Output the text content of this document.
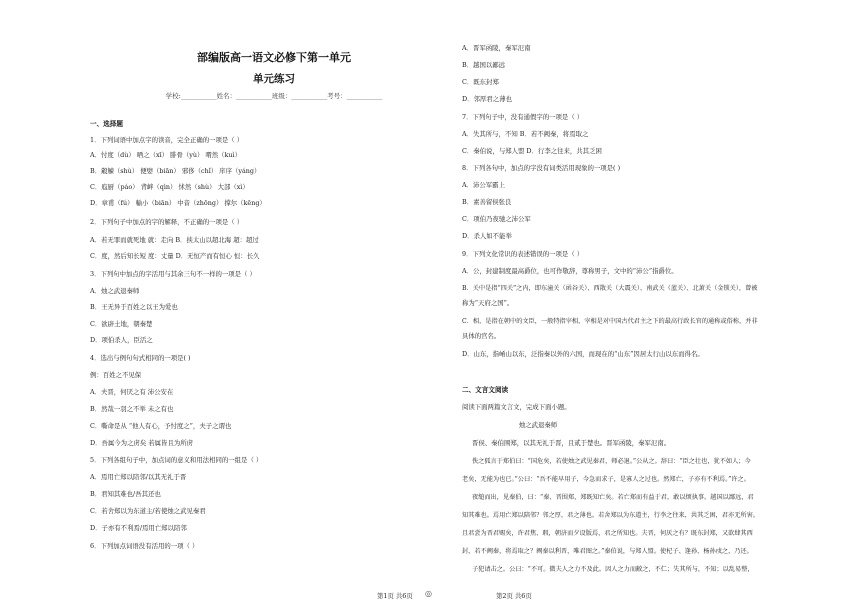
部编版高一语文必修下第一单元
单元练习
学校:___________姓名：___________班级：___________考号：___________
一、选择题
1．下列词语中加点字的读音，完全正确的一项是（ ）
A．忖度（dù） 哂之（xī） 腓骨（yù） 喟然（kuì）
B．觳觫（shù） 便嬖（biān） 邪侈（chǐ） 庠序（yáng）
C．庖厨（páo） 背衅（qìn） 怵然（shù） 大部（xì）
D．章甫（fú） 輸小（biān） 中音（zhōng） 撑尔（kēng）
2．下列句子中加点的字的解释，不正确的一项是（ ）
A．若无罪而就死地 就：走向 B．挟太山以超北海 超：超过
C．度，然后知长短 度：丈量 D．无恒产而有恒心 恒：长久
3．下列句中加点的字活用与其余三句不一样的一项是（ ）
A．烛之武退秦师
B．王无异于百姓之以王为爱也
C．欲辟土地，朝秦楚
D．项伯杀人，臣活之
4．选出与例句句式相同的一项是( )
例：百姓之不见保
A．夫晋，何厌之有 沛公安在
B．然哉一羽之不举 未之有也
C．嘶命是从 “他人有心，予忖度之”，夫子之谓也
D．吾属今为之虏矣 若属皆且为所虏
5．下列各组句子中，加点词的意义和用法相同的一组是（ ）
A．焉用亡郑以陪邻/以其无礼于晋
B．君知其难也/吾其还也
C．若舍郑以为东道主/若使烛之武见秦君
D．子亦有不利焉/焉用亡郑以陪邻
6．下列加点词语没有活用的一项（ ）
A．晋军函陵，秦军氾南
B．越国以鄙远
C．既东封郑
D．邻厚君之薄也
7．下列句子中，没有通假字的一项是（ ）
A．失其所与，不知 B．若不阙秦，将焉取之
C．秦伯说，与郑人盟 D．行李之往来，共其乏困
8．下列各句中，加点的字没有词类活用现象的一项是( )
A．沛公军霸上
B．素善留侯张良
C．项伯乃夜驰之沛公军
D．杀人如不能举
9．下列文化常识的表述错误的一项是（ ）
A．公，封建制度最高爵位，也可作敬辞，尊称男子，文中的“沛公”指爵位。
B．关中是指“四关”之内，即东潼关（函谷关）、西散关（大震关）、南武关（蓝关）、北萧关（金锁关），曾被
称为“天府之国”。
C．相，是指在朝中的文臣，一般特指宰相，宰相是对中国古代君主之下的最高行政长官的通称或俗称，并非
具体的官名。
D．山东，指崤山以东，泛指秦以外的六国，而现在的“山东”因居太行山以东而得名。
二、文言文阅读
阅读下面两篇文言文，完成下面小题。
烛之武退秦师
晋侯、秦伯围郑，以其无礼于晋，且贰于楚也。晋军函陵，秦军氾南。
佚之狐言于郑伯曰：“国危矣，若使烛之武见秦君，师必退。”公从之。辞曰：“臣之壮也，犹不如人；今
老矣，无能为也已。”公曰：“吾不能早用子，今急而求子，是寡人之过也。然郑亡，子亦有不利焉。”许之。
夜缒而出，见秦伯，曰：“秦、晋围郑，郑既知亡矣。若亡郑而有益于君，敢以烦执事。越国以鄙远，君
知其难也。焉用亡郑以陪邻？邻之厚，君之薄也。若舍郑以为东道主，行李之往来，共其乏困，君亦无所害。
且君尝为晋君赐矣，许君焦、瑕，朝济而夕设版焉，君之所知也。夫晋，何厌之有？既东封郑，又欲肆其西
封，若不阙秦，将焉取之？阙秦以利晋，唯君图之。”秦伯说，与郑人盟。使杞子、逢孙、杨孙戍之，乃还。
子犯请击之。公曰：“不可。微夫人之力不及此。因人之力而敝之，不仁；失其所与，不知；以乱易整，
第1页 共6页 ◎	第2页 共6页
